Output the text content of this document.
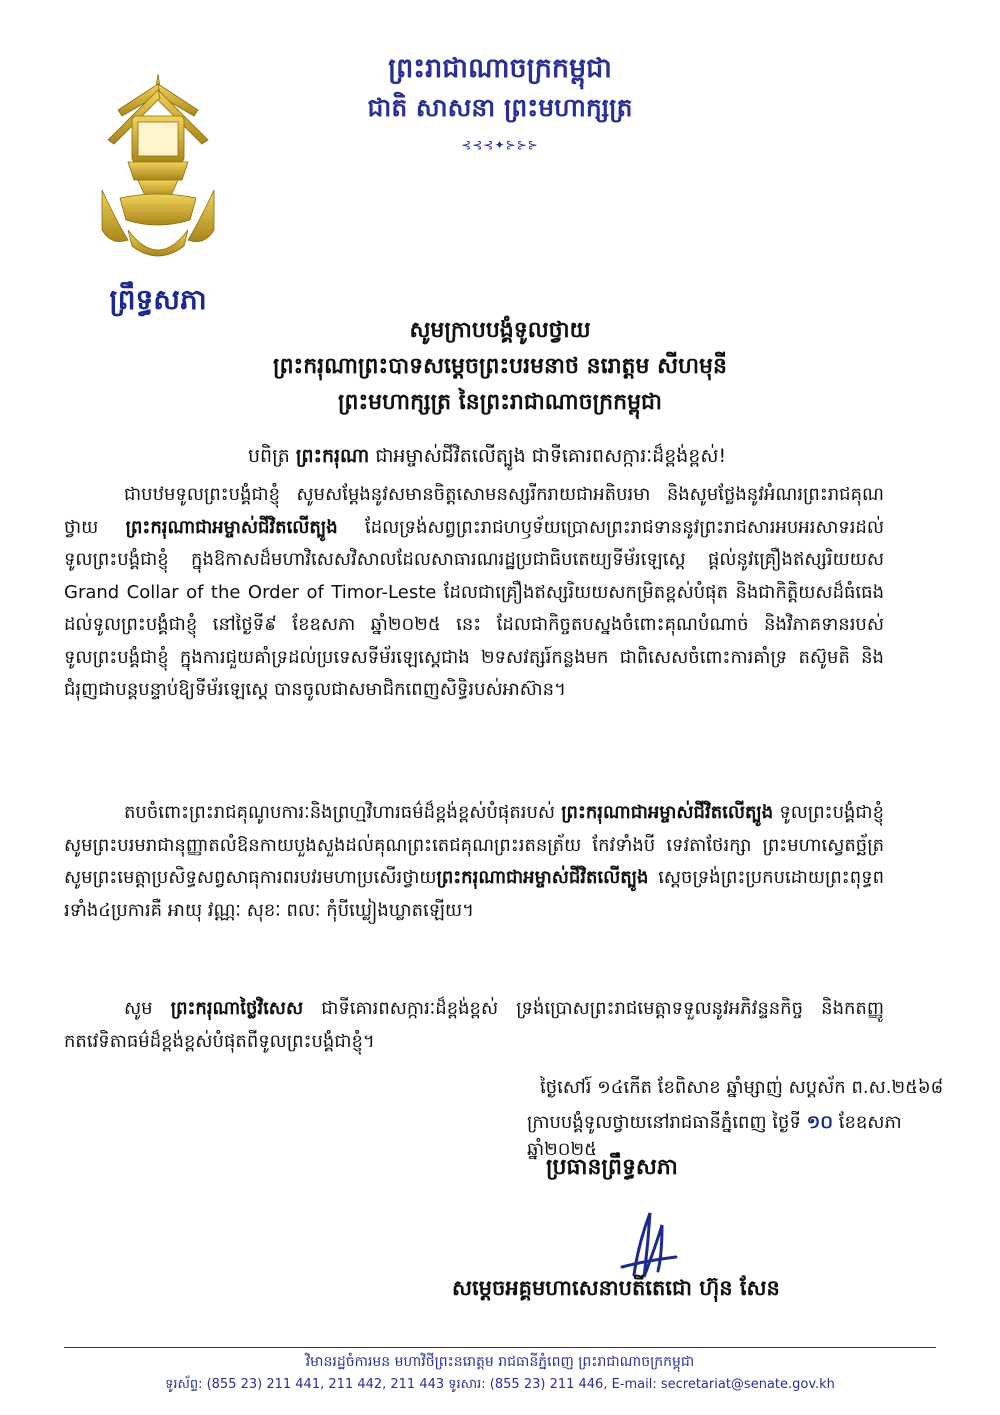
ព្រឹទ្ធសភា
ព្រះរាជាណាចក្រកម្ពុជា
ជាតិ សាសនា ព្រះមហាក្សត្រ
⊰⊰⊰✦⊱⊱⊱
សូមក្រាបបង្គំទូលថ្វាយ
ព្រះករុណាព្រះបាទសម្ដេចព្រះបរមនាថ នរោត្តម សីហមុនី
ព្រះមហាក្សត្រ នៃព្រះរាជាណាចក្រកម្ពុជា
បពិត្រ ព្រះករុណា ជាអម្ចាស់ជីវិតលើត្បូង ជាទីគោរពសក្ការៈដ៏ខ្ពង់ខ្ពស់!
ជាបឋមទូលព្រះបង្គំជាខ្ញុំ សូមសម្ដែងនូវសមានចិត្តសោមនស្សរីករាយជាអតិបរមា និងសូមថ្លែងនូវអំណរព្រះរាជគុណថ្វាយ ព្រះករុណាជាអម្ចាស់ជីវិតលើត្បូង ដែលទ្រង់សព្វព្រះរាជហឫទ័យប្រោសព្រះរាជទាននូវព្រះរាជសារអបអរសាទរដល់ទូលព្រះបង្គំជាខ្ញុំ ក្នុងឱកាសដ៏មហាវិសេសវិសាលដែលសាធារណរដ្ឋប្រជាធិបតេយ្យទីម័រឡេស្តេ ផ្ដល់នូវគ្រឿងឥស្សរិយយស Grand Collar of the Order of Timor-Leste ដែលជាគ្រឿងឥស្សរិយយសកម្រិតខ្ពស់បំផុត និងជាកិត្តិយសដ៏ធំធេងដល់ទូលព្រះបង្គំជាខ្ញុំ នៅថ្ងៃទី៩ ខែឧសភា ឆ្នាំ២០២៥ នេះ ដែលជាកិច្ចតបស្នងចំពោះគុណបំណាច់ និងវិភាគទានរបស់ទូលព្រះបង្គំជាខ្ញុំ ក្នុងការជួយគាំទ្រដល់ប្រទេសទីម័រឡេស្តេជាង ២ទសវត្សរ៍កន្លងមក ជាពិសេសចំពោះការគាំទ្រ តស៊ូមតិ និងជំរុញជាបន្តបន្ទាប់ឱ្យទីម័រឡេស្តេ បានចូលជាសមាជិកពេញសិទ្ធិរបស់អាស៊ាន។
តបចំពោះព្រះរាជគុណូបការៈនិងព្រហ្មវិហារធម៌ដ៏ខ្ពង់ខ្ពស់បំផុតរបស់ ព្រះករុណាជាអម្ចាស់ជីវិតលើត្បូង ទូលព្រះបង្គំជាខ្ញុំ សូមព្រះបរមរាជានុញ្ញាតលំឱនកាយបួងសួងដល់គុណព្រះតេជគុណព្រះរតនត្រ័យ កែវទាំងបី ទេវតាថែរក្សា ព្រះមហាស្វេតច្ឆ័ត្រ សូមព្រះមេត្តាប្រសិទ្ធសព្វសាធុការពរបវរមហាប្រសើរថ្វាយព្រះករុណាជាអម្ចាស់ជីវិតលើត្បូង ស្ដេចទ្រង់ព្រះប្រកបដោយព្រះពុទ្ធពរទាំង៤ប្រការគឺ អាយុ វណ្ណៈ សុខៈ ពលៈ កុំបីឃ្លៀងឃ្លាតឡើយ។
សូម ព្រះករុណាថ្លៃវិសេស ជាទីគោរពសក្ការៈដ៏ខ្ពង់ខ្ពស់ ទ្រង់ប្រោសព្រះរាជមេត្តាទទួលនូវអភិវន្ទនកិច្ច និងកតញ្ញូកតវេទិតាធម៌ដ៏ខ្ពង់ខ្ពស់បំផុតពីទូលព្រះបង្គំជាខ្ញុំ។
ថ្ងៃសៅរ៍ ១៤កើត ខែពិសាខ ឆ្នាំម្សាញ់ សប្តស័ក ព.ស.២៥៦៨
ក្រាបបង្គំទូលថ្វាយនៅរាជធានីភ្នំពេញ ថ្ងៃទី ១០ ខែឧសភា ឆ្នាំ២០២៥
ប្រធានព្រឹទ្ធសភា
សម្តេចអគ្គមហាសេនាបតីតេជោ ហ៊ុន សែន
វិមានរដ្ឋចំការមន មហាវិថីព្រះនរោត្តម រាជធានីភ្នំពេញ ព្រះរាជាណាចក្រកម្ពុជា
ទូរស័ព្ទ: (855 23) 211 441, 211 442, 211 443 ទូរសារ: (855 23) 211 446, E-mail: secretariat@senate.gov.kh
